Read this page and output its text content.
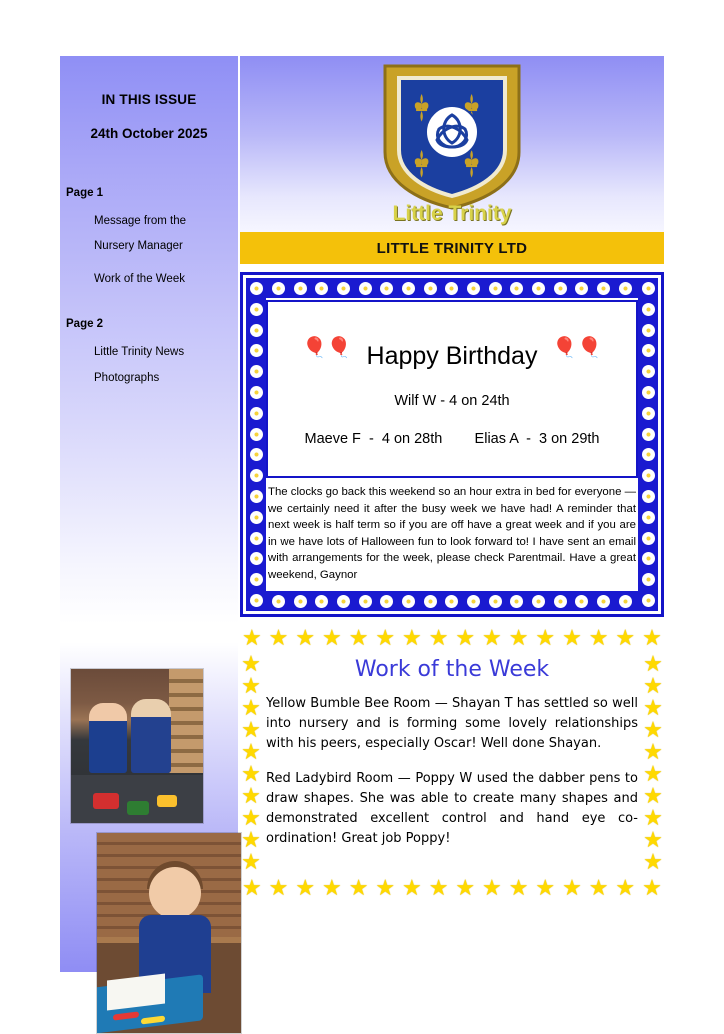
IN THIS ISSUE
24th October 2025
Page 1
Message from the
Nursery Manager
Work of the Week
Page 2
Little Trinity News
Photographs
Little Trinity
LITTLE TRINITY LTD
🎈🎈	🎈🎈
Happy Birthday
Wilf W - 4 on 24th
Maeve F  -  4 on 28th        Elias A  -  3 on 29th
The clocks go back this weekend so an hour extra in bed for everyone —we certainly need it after the busy week we have had! A reminder that next week is half term so if you are off have a great week and if you are in we have lots of Halloween fun to look forward to! I have sent an email with arrangements for the week, please check Parentmail. Have a great weekend, Gaynor
★ ★ ★ ★ ★ ★ ★ ★ ★ ★ ★ ★ ★ ★ ★ ★
★
★
★
★
★
★
★
★
★
★
Work of the Week
Yellow Bumble Bee Room — Shayan T has settled so well into nursery and is forming some lovely relationships with his peers, especially Oscar! Well done Shayan.
Red Ladybird Room — Poppy W used the dabber pens to draw shapes. She was able to create many shapes and demonstrated excellent control and hand eye co-ordination! Great job Poppy!
★
★
★
★
★
★
★
★
★
★
★ ★ ★ ★ ★ ★ ★ ★ ★ ★ ★ ★ ★ ★ ★ ★
